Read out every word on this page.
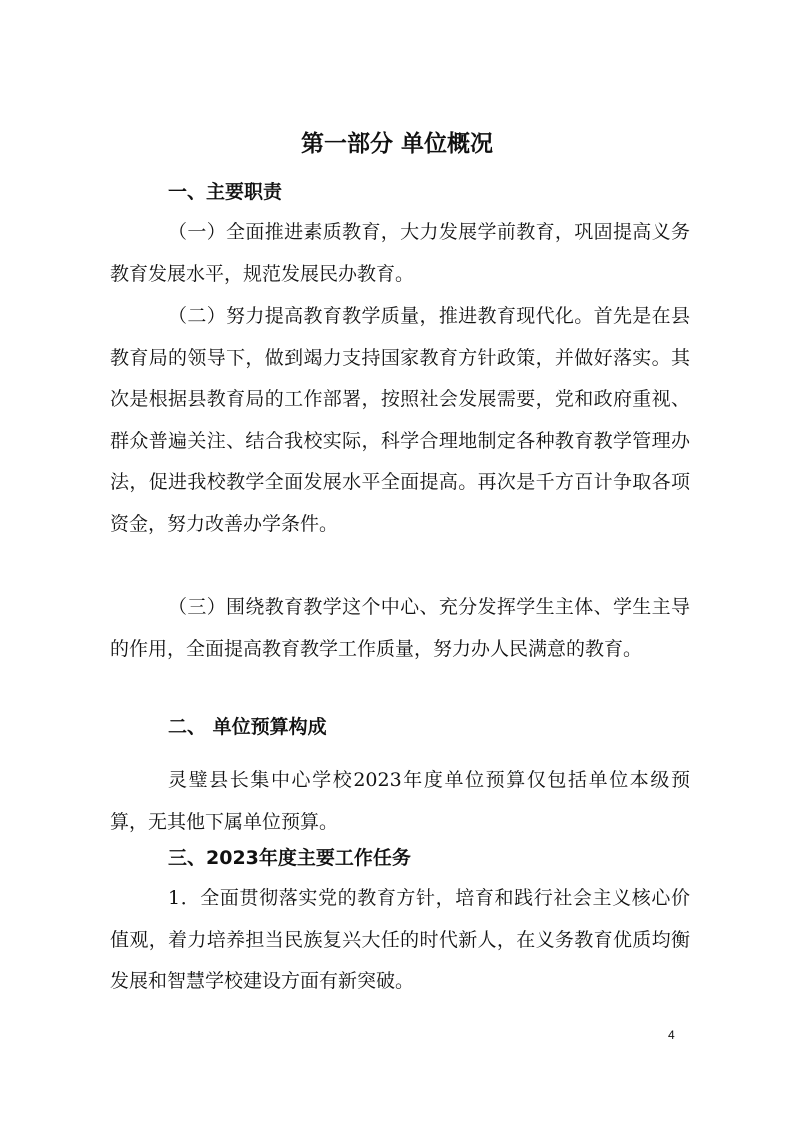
第一部分 单位概况
一、主要职责

（一）全面推进素质教育，大力发展学前教育，巩固提高义务教育发展水平，规范发展民办教育。

（二）努力提高教育教学质量，推进教育现代化。首先是在县教育局的领导下，做到竭力支持国家教育方针政策，并做好落实。其次是根据县教育局的工作部署，按照社会发展需要，党和政府重视、群众普遍关注、结合我校实际，科学合理地制定各种教育教学管理办法，促进我校教学全面发展水平全面提高。再次是千方百计争取各项资金，努力改善办学条件。

（三）围绕教育教学这个中心、充分发挥学生主体、学生主导的作用，全面提高教育教学工作质量，努力办人民满意的教育。

二、 单位预算构成

灵璧县长集中心学校2023年度单位预算仅包括单位本级预算，无其他下属单位预算。

三、2023年度主要工作任务

1．全面贯彻落实党的教育方针，培育和践行社会主义核心价值观，着力培养担当民族复兴大任的时代新人，在义务教育优质均衡发展和智慧学校建设方面有新突破。

4
